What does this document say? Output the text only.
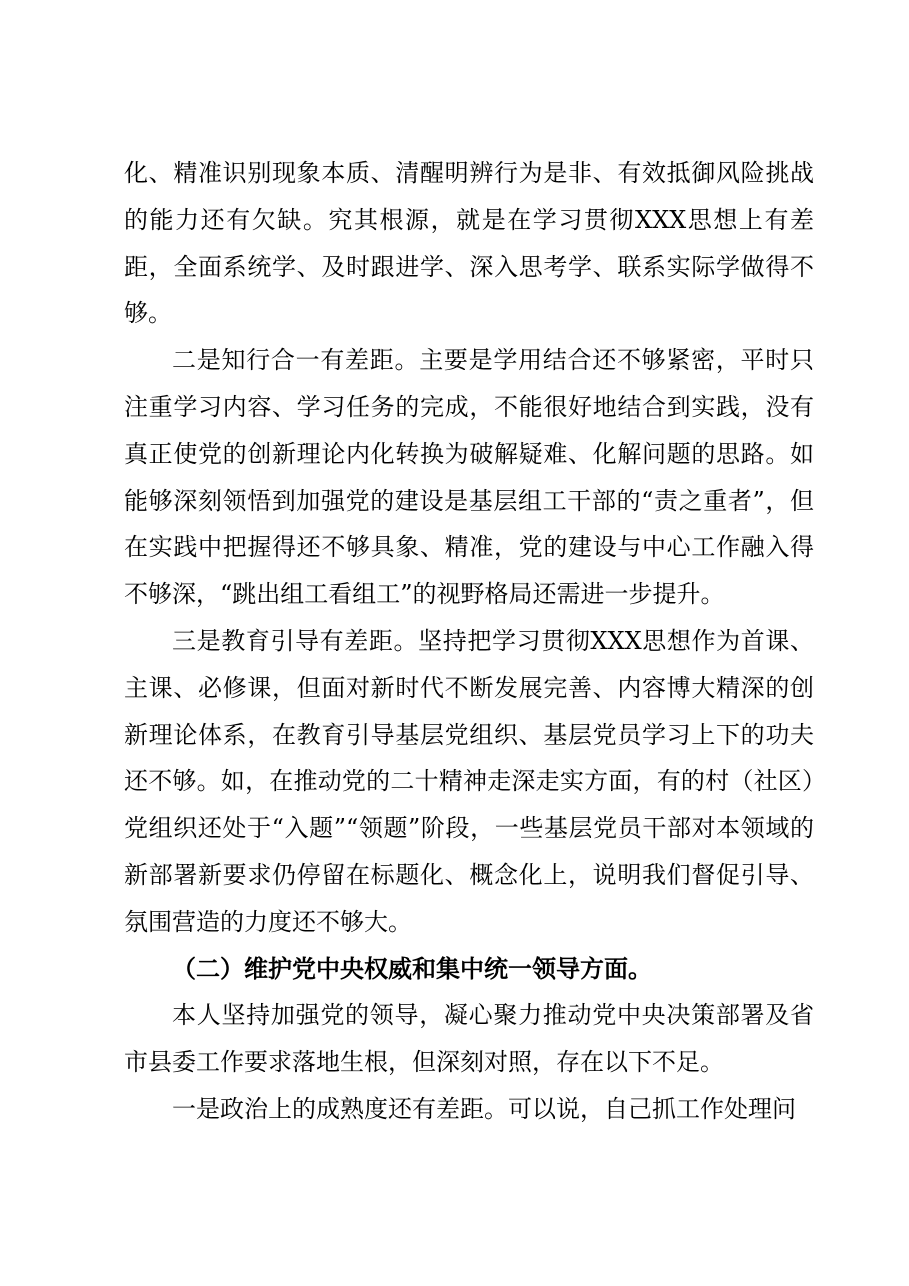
化、精准识别现象本质、清醒明辨行为是非、有效抵御风险挑战的能力还有欠缺。究其根源，就是在学习贯彻XXX思想上有差距，全面系统学、及时跟进学、深入思考学、联系实际学做得不够。

二是知行合一有差距。主要是学用结合还不够紧密，平时只注重学习内容、学习任务的完成，不能很好地结合到实践，没有真正使党的创新理论内化转换为破解疑难、化解问题的思路。如能够深刻领悟到加强党的建设是基层组工干部的“责之重者”，但在实践中把握得还不够具象、精准，党的建设与中心工作融入得不够深，“跳出组工看组工”的视野格局还需进一步提升。

三是教育引导有差距。坚持把学习贯彻XXX思想作为首课、主课、必修课，但面对新时代不断发展完善、内容博大精深的创新理论体系，在教育引导基层党组织、基层党员学习上下的功夫还不够。如，在推动党的二十精神走深走实方面，有的村（社区）党组织还处于“入题”“领题”阶段，一些基层党员干部对本领域的新部署新要求仍停留在标题化、概念化上，说明我们督促引导、氛围营造的力度还不够大。

（二）维护党中央权威和集中统一领导方面。

本人坚持加强党的领导，凝心聚力推动党中央决策部署及省市县委工作要求落地生根，但深刻对照，存在以下不足。

一是政治上的成熟度还有差距。可以说，自己抓工作处理问
